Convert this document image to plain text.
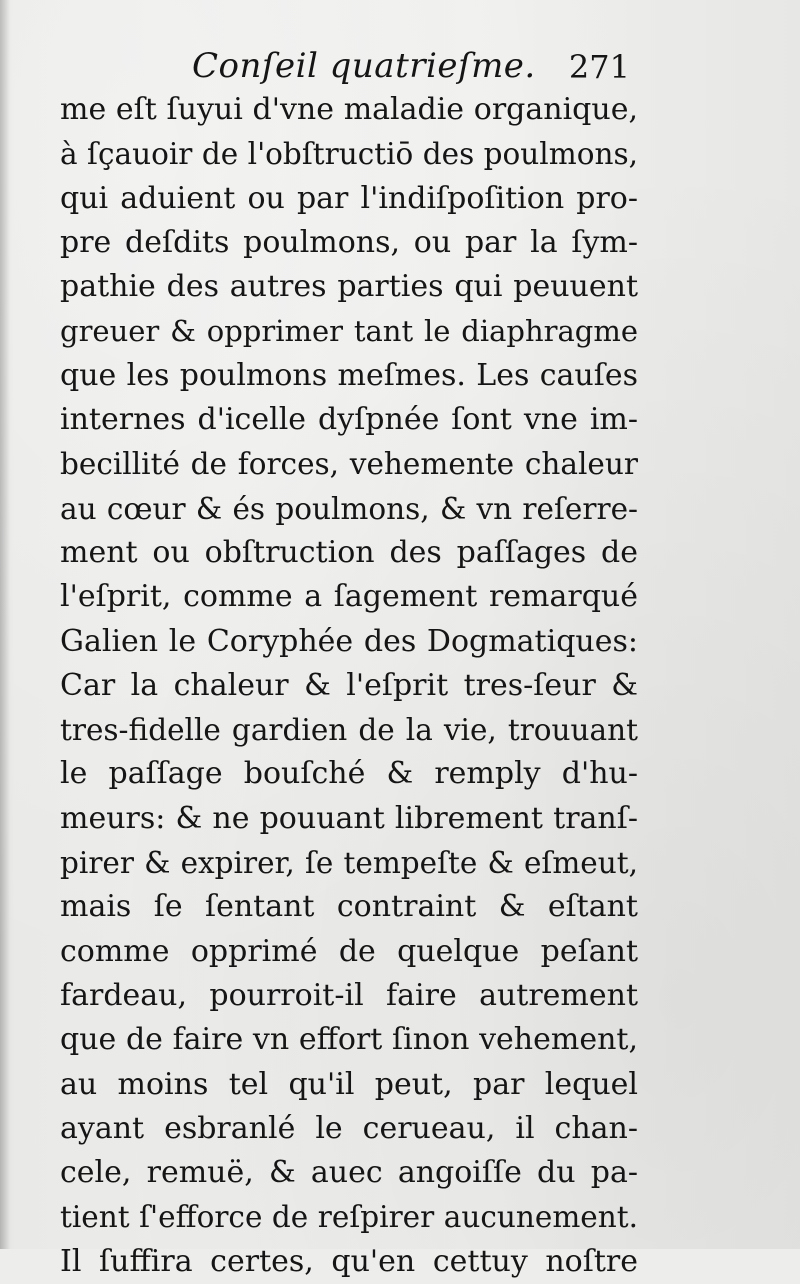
Conſeil quatrieſme. 271
me eſt ſuyui d'vne maladie organique,
à ſçauoir de l'obſtructiō des poulmons,
qui aduient ou par l'indiſpoſition pro-
pre deſdits poulmons, ou par la ſym-
pathie des autres parties qui peuuent
greuer & opprimer tant le diaphragme
que les poulmons meſmes. Les cauſes
internes d'icelle dyſpnée ſont vne im-
becillité de forces, vehemente chaleur
au cœur & és poulmons, & vn reſerre-
ment ou obſtruction des paſſages de
l'eſprit, comme a ſagement remarqué
Galien le Coryphée des Dogmatiques:
Car la chaleur & l'eſprit tres-ſeur &
tres-fidelle gardien de la vie, trouuant
le paſſage bouſché & remply d'hu-
meurs: & ne pouuant librement tranſ-
pirer & expirer, ſe tempeſte & eſmeut,
mais ſe ſentant contraint & eſtant
comme opprimé de quelque peſant
fardeau, pourroit-il faire autrement
que de faire vn effort ſinon vehement,
au moins tel qu'il peut, par lequel
ayant esbranlé le cerueau, il chan-
cele, remuë, & auec angoiſſe du pa-
tient ſ'efforce de reſpirer aucunement.
Il ſuffira certes, qu'en cettuy noſtre
